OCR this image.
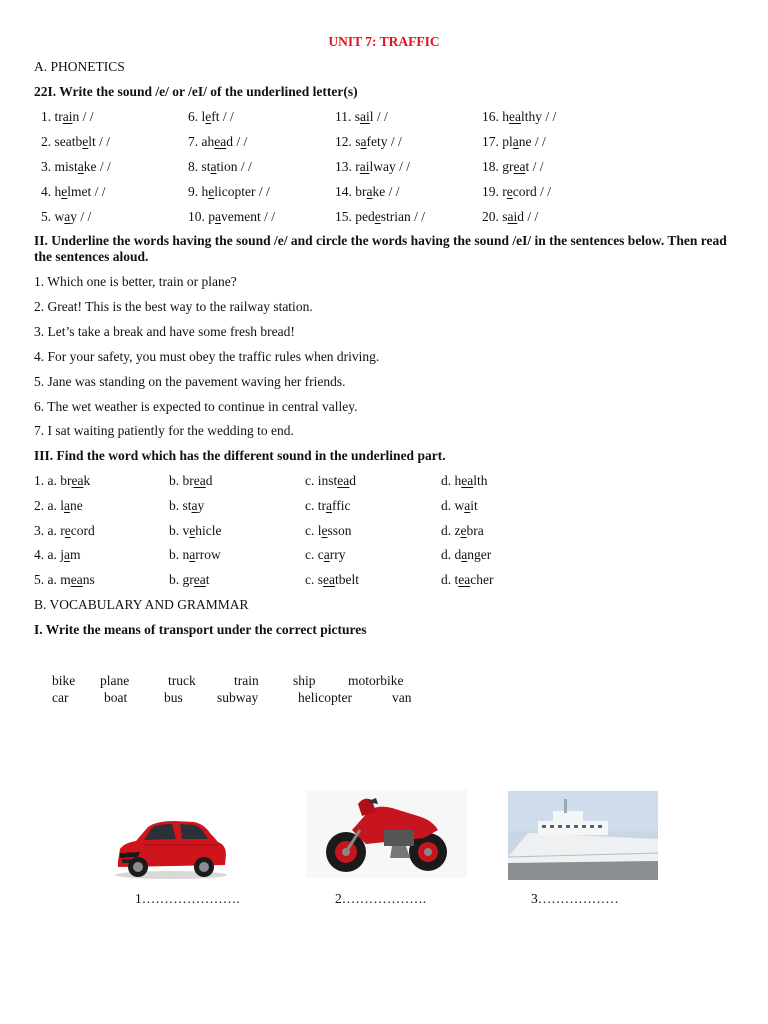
UNIT 7: TRAFFIC
A. PHONETICS
22I. Write the sound /e/ or /eI/ of the underlined letter(s)
1. train / /	6. left / /	11. sail / /	16. healthy / /
2. seatbelt / /	7. ahead / /	12. safety / /	17. plane / /
3. mistake / /	8. station / /	13. railway / /	18. great / /
4. helmet / /	9. helicopter / /	14. brake / /	19. record / /
5. way / /	10. pavement / /	15. pedestrian / /	20. said / /
II. Underline the words having the sound /e/ and circle the words having the sound /eI/ in the sentences below. Then read the sentences aloud.
1. Which one is better, train or plane?
2. Great! This is the best way to the railway station.
3. Let’s take a break and have some fresh bread!
4. For your safety, you must obey the traffic rules when driving.
5. Jane was standing on the pavement waving her friends.
6. The wet weather is expected to continue in central valley.
7. I sat waiting patiently for the wedding to end.
III. Find the word which has the different sound in the underlined part.
1. a. break	b. bread	c. instead	d. health
2. a. lane	b. stay	c. traffic	d. wait
3. a. record	b. vehicle	c. lesson	d. zebra
4. a. jam	b. narrow	c. carry	d. danger
5. a. means	b. great	c. seatbelt	d. teacher
B. VOCABULARY AND GRAMMAR
I. Write the means of transport under the correct pictures
bike plane	truck	train	ship motorbike
car	boat	bus	subway	helicopter	van
1………………….	2……………….	3………………
